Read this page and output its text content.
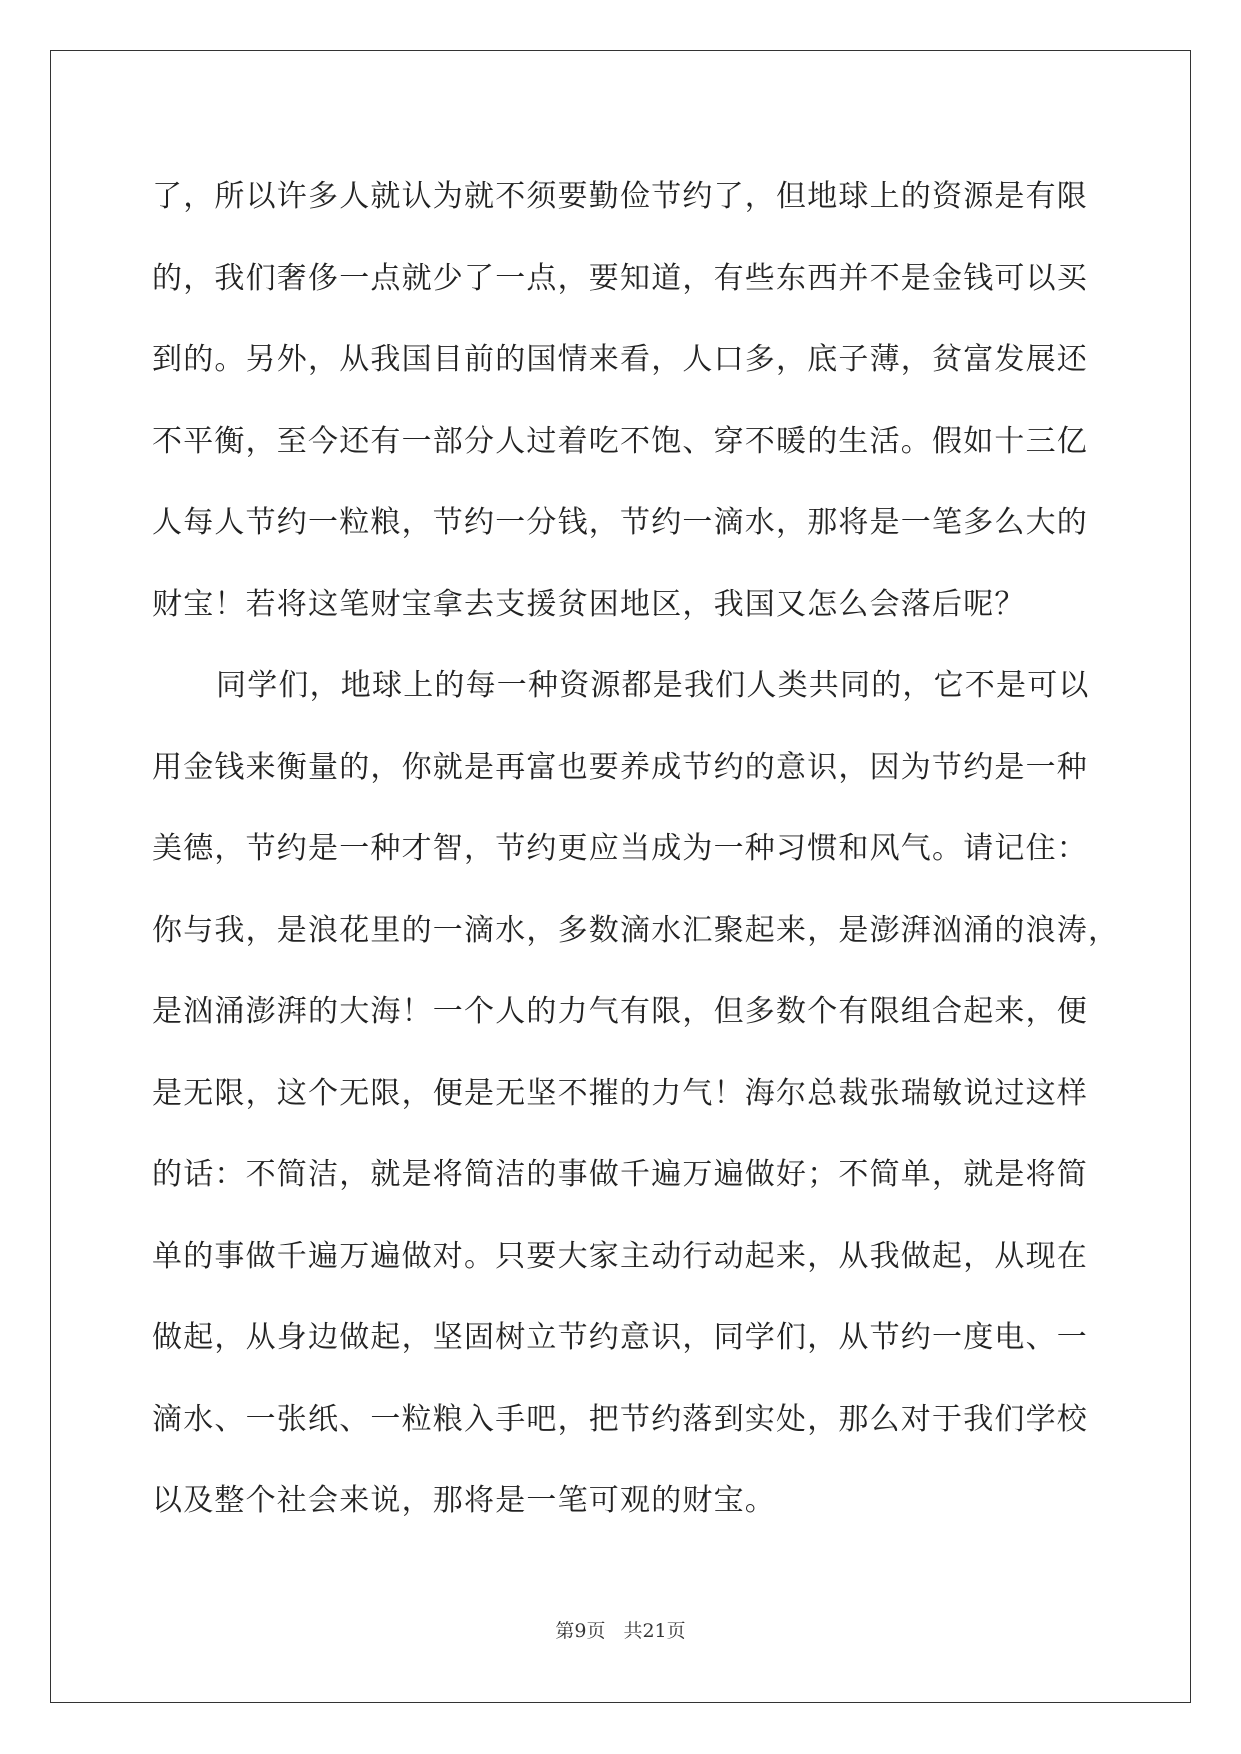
了，所以许多人就认为就不须要勤俭节约了，但地球上的资源是有限
的，我们奢侈一点就少了一点，要知道，有些东西并不是金钱可以买
到的。另外，从我国目前的国情来看，人口多，底子薄，贫富发展还
不平衡，至今还有一部分人过着吃不饱、穿不暖的生活。假如十三亿
人每人节约一粒粮，节约一分钱，节约一滴水，那将是一笔多么大的
财宝！若将这笔财宝拿去支援贫困地区，我国又怎么会落后呢？
同学们，地球上的每一种资源都是我们人类共同的，它不是可以
用金钱来衡量的，你就是再富也要养成节约的意识，因为节约是一种
美德，节约是一种才智，节约更应当成为一种习惯和风气。请记住：
你与我，是浪花里的一滴水，多数滴水汇聚起来，是澎湃汹涌的浪涛，
是汹涌澎湃的大海！一个人的力气有限，但多数个有限组合起来，便
是无限，这个无限，便是无坚不摧的力气！海尔总裁张瑞敏说过这样
的话：不简洁，就是将简洁的事做千遍万遍做好；不简单，就是将简
单的事做千遍万遍做对。只要大家主动行动起来，从我做起，从现在
做起，从身边做起，坚固树立节约意识，同学们，从节约一度电、一
滴水、一张纸、一粒粮入手吧，把节约落到实处，那么对于我们学校
以及整个社会来说，那将是一笔可观的财宝。
第9页 共21页
